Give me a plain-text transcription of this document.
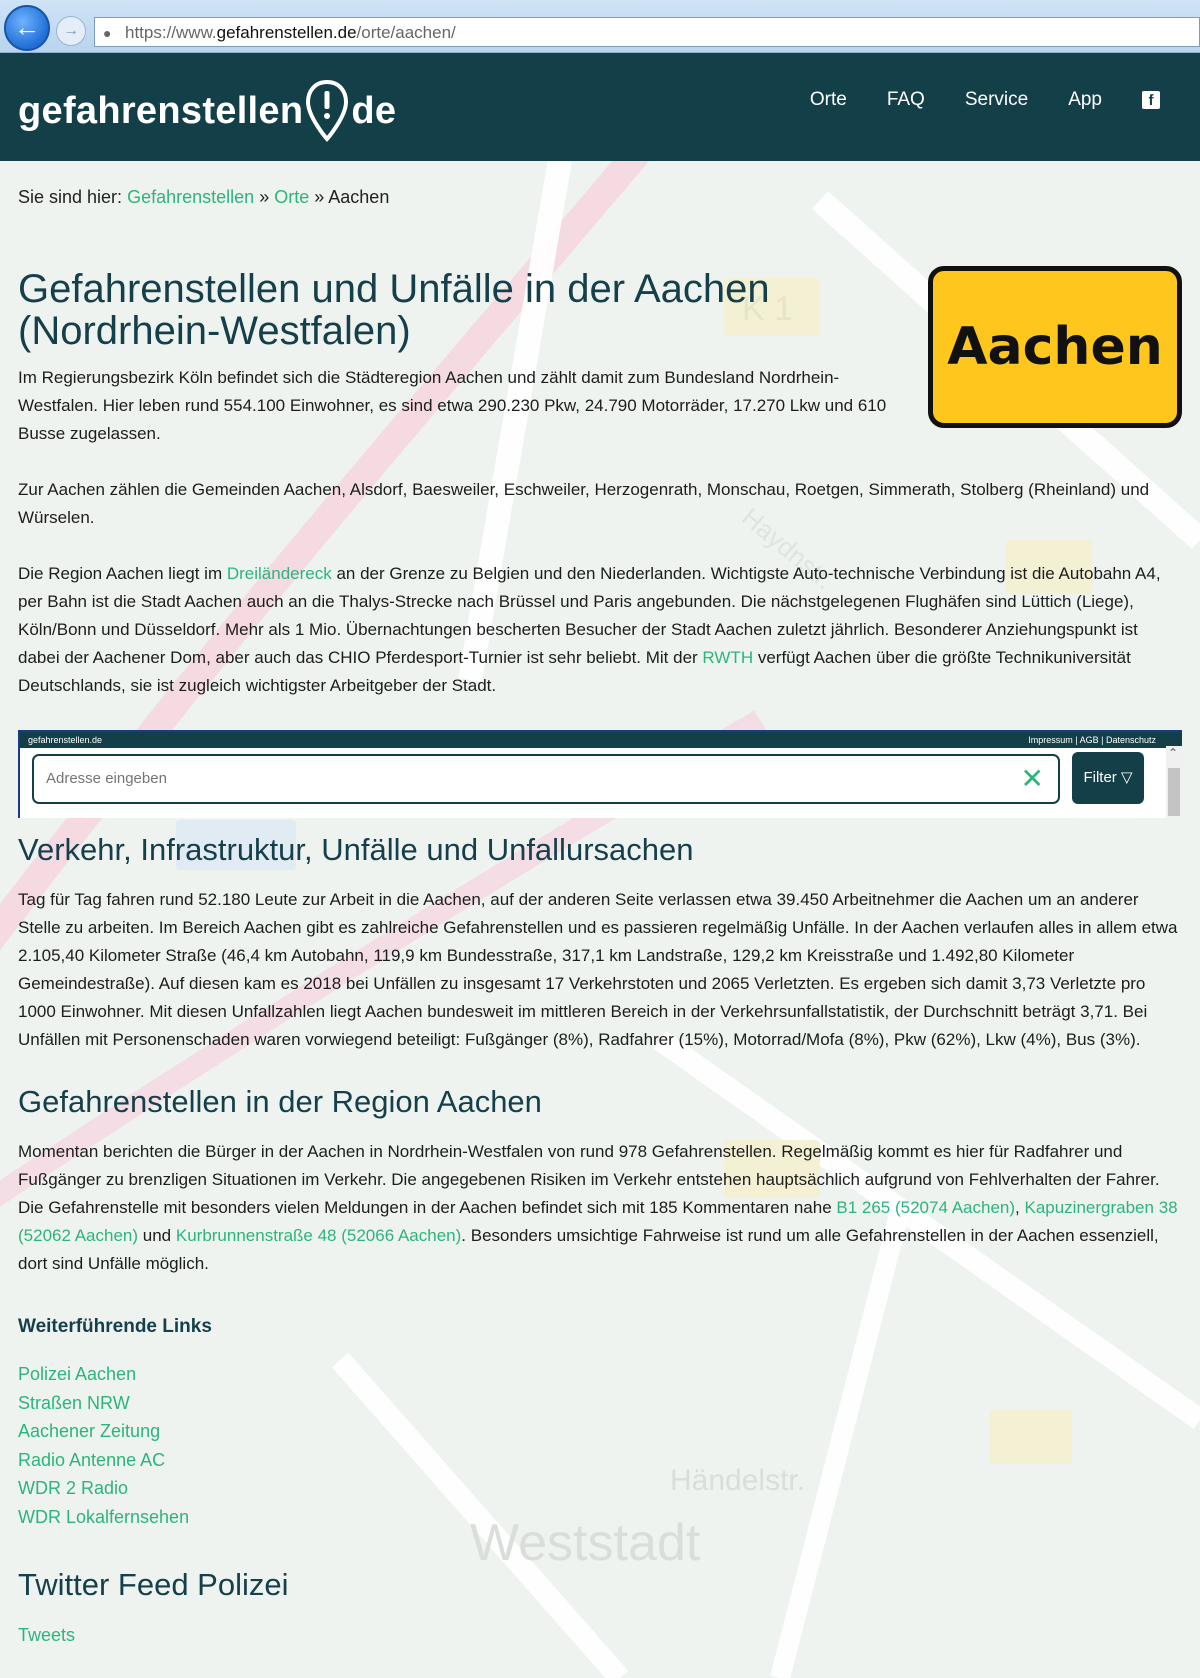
Weststadt
Händelstr.
Haydnstr.
K 1
←	→	● https://www.gefahrenstellen.de/orte/aachen/
gefahrenstellen de	Orte FAQ Service App	f
Sie sind hier: Gefahrenstellen » Orte » Aachen
Gefahrenstellen und Unfälle in der Aachen (Nordrhein-Westfalen)	Aachen

Im Regierungsbezirk Köln befindet sich die Städteregion Aachen und zählt damit zum Bundesland Nordrhein-Westfalen. Hier leben rund 554.100 Einwohner, es sind etwa 290.230 Pkw, 24.790 Motorräder, 17.270 Lkw und 610 Busse zugelassen.

Zur Aachen zählen die Gemeinden Aachen, Alsdorf, Baesweiler, Eschweiler, Herzogenrath, Monschau, Roetgen, Simmerath, Stolberg (Rheinland) und Würselen.

Die Region Aachen liegt im Dreiländereck an der Grenze zu Belgien und den Niederlanden. Wichtigste Auto-technische Verbindung ist die Autobahn A4, per Bahn ist die Stadt Aachen auch an die Thalys-Strecke nach Brüssel und Paris angebunden. Die nächstgelegenen Flughäfen sind Lüttich (Liege), Köln/Bonn und Düsseldorf. Mehr als 1 Mio. Übernachtungen bescherten Besucher der Stadt Aachen zuletzt jährlich. Besonderer Anziehungspunkt ist dabei der Aachener Dom, aber auch das CHIO Pferdesport-Turnier ist sehr beliebt. Mit der RWTH verfügt Aachen über die größte Technikuniversität Deutschlands, sie ist zugleich wichtigster Arbeitgeber der Stadt.

gefahrenstellen.de	Impressum | AGB | Datenschutz
Adresse eingeben
✕	Filter ▽
⌃
Verkehr, Infrastruktur, Unfälle und Unfallursachen

Tag für Tag fahren rund 52.180 Leute zur Arbeit in die Aachen, auf der anderen Seite verlassen etwa 39.450 Arbeitnehmer die Aachen um an anderer Stelle zu arbeiten. Im Bereich Aachen gibt es zahlreiche Gefahrenstellen und es passieren regelmäßig Unfälle. In der Aachen verlaufen alles in allem etwa 2.105,40 Kilometer Straße (46,4 km Autobahn, 119,9 km Bundesstraße, 317,1 km Landstraße, 129,2 km Kreisstraße und 1.492,80 Kilometer Gemeindestraße). Auf diesen kam es 2018 bei Unfällen zu insgesamt 17 Verkehrstoten und 2065 Verletzten. Es ergeben sich damit 3,73 Verletzte pro 1000 Einwohner. Mit diesen Unfallzahlen liegt Aachen bundesweit im mittleren Bereich in der Verkehrsunfallstatistik, der Durchschnitt beträgt 3,71. Bei Unfällen mit Personenschaden waren vorwiegend beteiligt: Fußgänger (8%), Radfahrer (15%), Motorrad/Mofa (8%), Pkw (62%), Lkw (4%), Bus (3%).

Gefahrenstellen in der Region Aachen

Momentan berichten die Bürger in der Aachen in Nordrhein-Westfalen von rund 978 Gefahrenstellen. Regelmäßig kommt es hier für Radfahrer und Fußgänger zu brenzligen Situationen im Verkehr. Die angegebenen Risiken im Verkehr entstehen hauptsächlich aufgrund von Fehlverhalten der Fahrer. Die Gefahrenstelle mit besonders vielen Meldungen in der Aachen befindet sich mit 185 Kommentaren nahe B1 265 (52074 Aachen), Kapuzinergraben 38 (52062 Aachen) und Kurbrunnenstraße 48 (52066 Aachen). Besonders umsichtige Fahrweise ist rund um alle Gefahrenstellen in der Aachen essenziell, dort sind Unfälle möglich.

Weiterführende Links
Polizei Aachen
Straßen NRW
Aachener Zeitung
Radio Antenne AC
WDR 2 Radio
WDR Lokalfernsehen
Twitter Feed Polizei
Tweets
